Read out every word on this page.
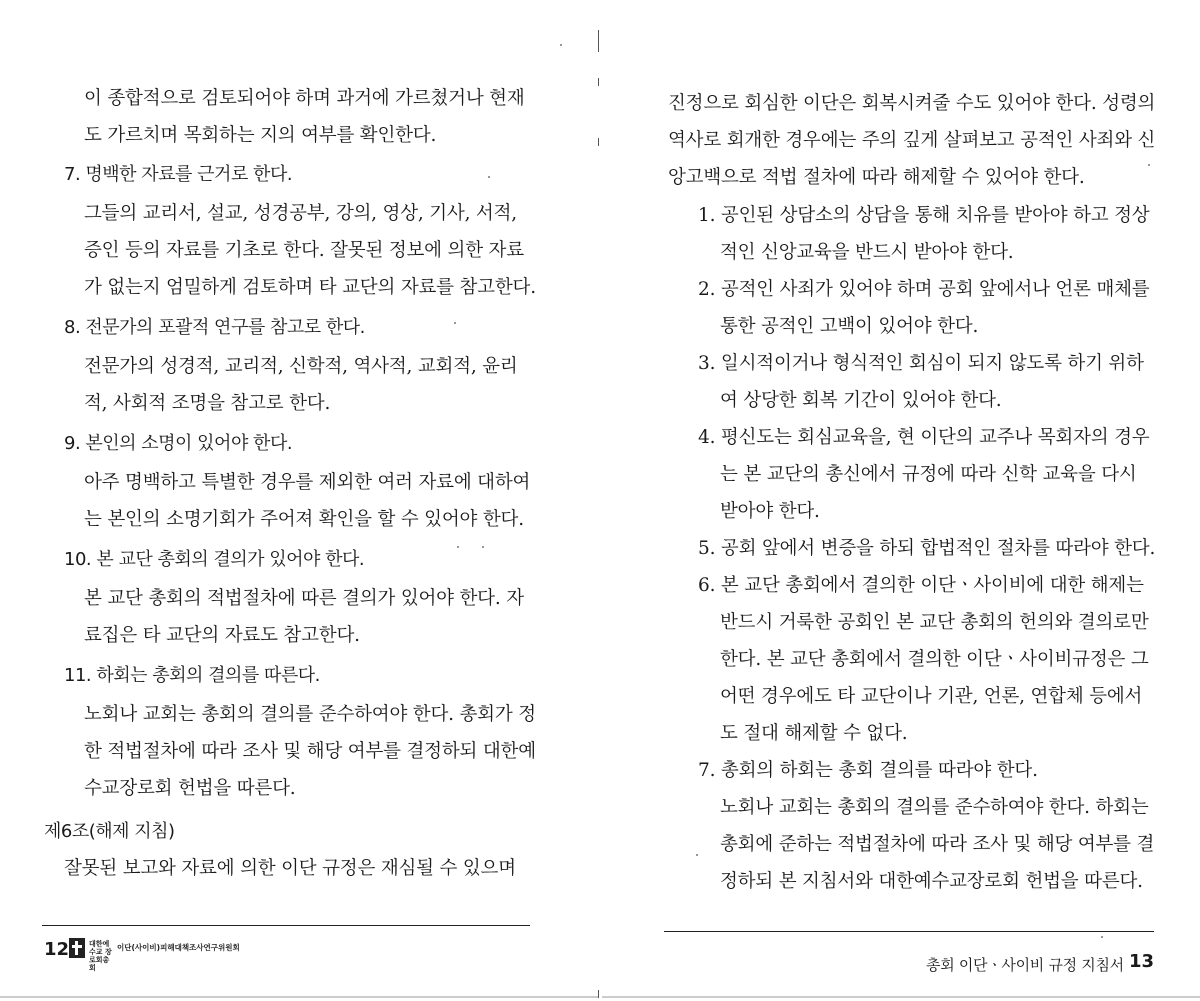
이 종합적으로 검토되어야 하며 과거에 가르쳤거나 현재
도 가르치며 목회하는 지의 여부를 확인한다.
7. 명백한 자료를 근거로 한다.
그들의 교리서, 설교, 성경공부, 강의, 영상, 기사, 서적,
증인 등의 자료를 기초로 한다. 잘못된 정보에 의한 자료
가 없는지 엄밀하게 검토하며 타 교단의 자료를 참고한다.
8. 전문가의 포괄적 연구를 참고로 한다.
전문가의 성경적, 교리적, 신학적, 역사적, 교회적, 윤리
적, 사회적 조명을 참고로 한다.
9. 본인의 소명이 있어야 한다.
아주 명백하고 특별한 경우를 제외한 여러 자료에 대하여
는 본인의 소명기회가 주어져 확인을 할 수 있어야 한다.
10. 본 교단 총회의 결의가 있어야 한다.
본 교단 총회의 적법절차에 따른 결의가 있어야 한다. 자
료집은 타 교단의 자료도 참고한다.
11. 하회는 총회의 결의를 따른다.
노회나 교회는 총회의 결의를 준수하여야 한다. 총회가 정
한 적법절차에 따라 조사 및 해당 여부를 결정하되 대한예
수교장로회 헌법을 따른다.
제6조(해제 지침)
잘못된 보고와 자료에 의한 이단 규정은 재심될 수 있으며
12	대한예수교 장로회총회
이단(사이비)피해대책조사연구위원회
진정으로 회심한 이단은 회복시켜줄 수도 있어야 한다. 성령의
역사로 회개한 경우에는 주의 깊게 살펴보고 공적인 사죄와 신
앙고백으로 적법 절차에 따라 해제할 수 있어야 한다.
1. 공인된 상담소의 상담을 통해 치유를 받아야 하고 정상
적인 신앙교육을 반드시 받아야 한다.
2. 공적인 사죄가 있어야 하며 공회 앞에서나 언론 매체를
통한 공적인 고백이 있어야 한다.
3. 일시적이거나 형식적인 회심이 되지 않도록 하기 위하
여 상당한 회복 기간이 있어야 한다.
4. 평신도는 회심교육을, 현 이단의 교주나 목회자의 경우
는 본 교단의 총신에서 규정에 따라 신학 교육을 다시
받아야 한다.
5. 공회 앞에서 변증을 하되 합법적인 절차를 따라야 한다.
6. 본 교단 총회에서 결의한 이단ㆍ사이비에 대한 해제는
반드시 거룩한 공회인 본 교단 총회의 헌의와 결의로만
한다. 본 교단 총회에서 결의한 이단ㆍ사이비규정은 그
어떤 경우에도 타 교단이나 기관, 언론, 연합체 등에서
도 절대 해제할 수 없다.
7. 총회의 하회는 총회 결의를 따라야 한다.
노회나 교회는 총회의 결의를 준수하여야 한다. 하회는
총회에 준하는 적법절차에 따라 조사 및 해당 여부를 결
정하되 본 지침서와 대한예수교장로회 헌법을 따른다.
총회 이단ㆍ사이비 규정 지침서 13
